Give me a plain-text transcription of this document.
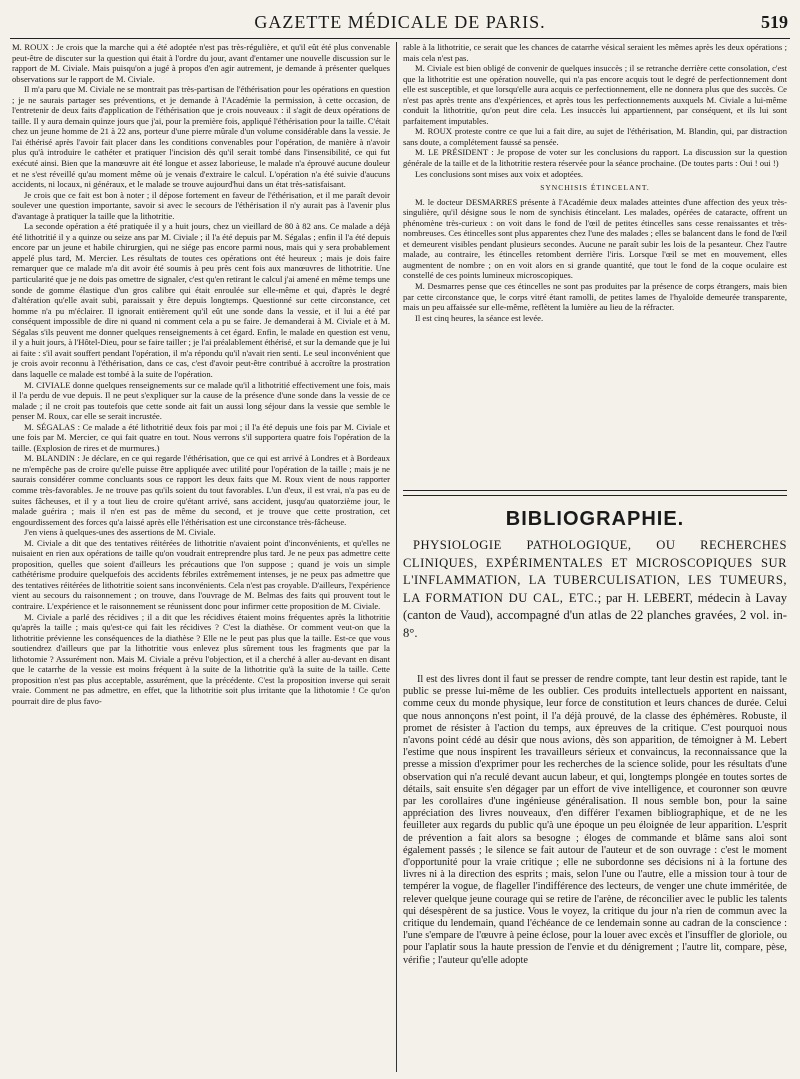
GAZETTE MÉDICALE DE PARIS.	519

M. ROUX : Je crois que la marche qui a été adoptée n'est pas très-régulière, et qu'il eût été plus convenable peut-être de discuter sur la question qui était à l'ordre du jour, avant d'entamer une nouvelle discussion sur le rapport de M. Civiale. Mais puisqu'on a jugé à propos d'en agir autrement, je demande à présenter quelques observations sur le rapport de M. Civiale.

Il m'a paru que M. Civiale ne se montrait pas très-partisan de l'éthérisation pour les opérations en question ; je ne saurais partager ses préventions, et je demande à l'Académie la permission, à cette occasion, de l'entretenir de deux faits d'application de l'éthérisation que je crois nouveaux : il s'agit de deux opérations de taille. Il y aura demain quinze jours que j'ai, pour la première fois, appliqué l'éthérisation pour la taille. C'était chez un jeune homme de 21 à 22 ans, porteur d'une pierre mûrale d'un volume considérable dans la vessie. Je l'ai éthérisé après l'avoir fait placer dans les conditions convenables pour l'opération, de manière à n'avoir plus qu'à introduire le cathéter et pratiquer l'incision dès qu'il serait tombé dans l'insensibilité, ce qui fut exécuté ainsi. Bien que la manœuvre ait été longue et assez laborieuse, le malade n'a éprouvé aucune douleur et ne s'est réveillé qu'au moment même où je venais d'extraire le calcul. L'opération n'a été suivie d'aucuns accidents, ni locaux, ni généraux, et le malade se trouve aujourd'hui dans un état très-satisfaisant.

Je crois que ce fait est bon à noter ; il dépose fortement en faveur de l'éthérisation, et il me paraît devoir soulever une question importante, savoir si avec le secours de l'éthérisation il n'y aurait pas à l'avenir plus d'avantage à pratiquer la taille que la lithotritie.

La seconde opération a été pratiquée il y a huit jours, chez un vieillard de 80 à 82 ans. Ce malade a déjà été lithotritié il y a quinze ou seize ans par M. Civiale ; il l'a été depuis par M. Ségalas ; enfin il l'a été depuis encore par un jeune et habile chirurgien, qui ne siége pas encore parmi nous, mais qui y sera probablement appelé plus tard, M. Mercier. Les résultats de toutes ces opérations ont été heureux ; mais je dois faire remarquer que ce malade m'a dit avoir été soumis à peu près cent fois aux manœuvres de lithotritie. Une particularité que je ne dois pas omettre de signaler, c'est qu'en retirant le calcul j'ai amené en même temps une sonde de gomme élastique d'un gros calibre qui était enroulée sur elle-même et qui, d'après le degré d'altération qu'elle avait subi, paraissait y être depuis longtemps. Questionné sur cette circonstance, cet homme n'a pu m'éclairer. Il ignorait entièrement qu'il eût une sonde dans la vessie, et il lui a été par conséquent impossible de dire ni quand ni comment cela a pu se faire. Je demanderai à M. Civiale et à M. Ségalas s'ils peuvent me donner quelques renseignements à cet égard. Enfin, le malade en question est venu, il y a huit jours, à l'Hôtel-Dieu, pour se faire tailler ; je l'ai préalablement éthérisé, et sur la demande que je lui ai faite : s'il avait souffert pendant l'opération, il m'a répondu qu'il n'avait rien senti. Le seul inconvénient que je crois avoir reconnu à l'éthérisation, dans ce cas, c'est d'avoir peut-être contribué à accroître la prostration dans laquelle ce malade est tombé à la suite de l'opération.

M. CIVIALE donne quelques renseignements sur ce malade qu'il a lithotritié effectivement une fois, mais il l'a perdu de vue depuis. Il ne peut s'expliquer sur la cause de la présence d'une sonde dans la vessie de ce malade ; il ne croit pas toutefois que cette sonde ait fait un aussi long séjour dans la vessie que semble le penser M. Roux, car elle se serait incrustée.

M. SÉGALAS : Ce malade a été lithotritié deux fois par moi ; il l'a été depuis une fois par M. Civiale et une fois par M. Mercier, ce qui fait quatre en tout. Nous verrons s'il supportera quatre fois l'opération de la taille. (Explosion de rires et de murmures.)

M. BLANDIN : Je déclare, en ce qui regarde l'éthérisation, que ce qui est arrivé à Londres et à Bordeaux ne m'empêche pas de croire qu'elle puisse être appliquée avec utilité pour l'opération de la taille ; mais je ne saurais considérer comme concluants sous ce rapport les deux faits que M. Roux vient de nous rapporter comme très-favorables. Je ne trouve pas qu'ils soient du tout favorables. L'un d'eux, il est vrai, n'a pas eu de suites fâcheuses, et il y a tout lieu de croire qu'étant arrivé, sans accident, jusqu'au quatorzième jour, le malade guérira ; mais il n'en est pas de même du second, et je trouve que cette prostration, cet engourdissement des forces qu'a laissé après elle l'éthérisation est une circonstance très-fâcheuse.

J'en viens à quelques-unes des assertions de M. Civiale.

M. Civiale a dit que des tentatives réitérées de lithotritie n'avaient point d'inconvénients, et qu'elles ne nuisaient en rien aux opérations de taille qu'on voudrait entreprendre plus tard. Je ne peux pas admettre cette proposition, quelles que soient d'ailleurs les précautions que l'on suppose ; quand je vois un simple cathétérisme produire quelquefois des accidents fébriles extrêmement intenses, je ne peux pas admettre que des tentatives réitérées de lithotritie soient sans inconvénients. Cela n'est pas croyable. D'ailleurs, l'expérience vient au secours du raisonnement ; on trouve, dans l'ouvrage de M. Belmas des faits qui prouvent tout le contraire. L'expérience et le raisonnement se réunissent donc pour infirmer cette proposition de M. Civiale.

M. Civiale a parlé des récidives ; il a dit que les récidives étaient moins fréquentes après la lithotritie qu'après la taille ; mais qu'est-ce qui fait les récidives ? C'est la diathèse. Or comment veut-on que la lithotritie prévienne les conséquences de la diathèse ? Elle ne le peut pas plus que la taille. Est-ce que vous soutiendrez d'ailleurs que par la lithotritie vous enlevez plus sûrement tous les fragments que par la lithotomie ? Assurément non. Mais M. Civiale a prévu l'objection, et il a cherché à aller au-devant en disant que le catarrhe de la vessie est moins fréquent à la suite de la lithotritie qu'à la suite de la taille. Cette proposition n'est pas plus acceptable, assurément, que la précédente. C'est la proposition inverse qui serait vraie. Comment ne pas admettre, en effet, que la lithotritie soit plus irritante que la lithotomie ! Ce qu'on pourrait dire de plus favo-

rable à la lithotritie, ce serait que les chances de catarrhe vésical seraient les mêmes après les deux opérations ; mais cela n'est pas.

M. Civiale est bien obligé de convenir de quelques insuccès ; il se retranche derrière cette consolation, c'est que la lithotritie est une opération nouvelle, qui n'a pas encore acquis tout le degré de perfectionnement dont elle est susceptible, et que lorsqu'elle aura acquis ce perfectionnement, elle ne donnera plus que des succès. Ce n'est pas après trente ans d'expériences, et après tous les perfectionnements auxquels M. Civiale a lui-même conduit la lithotritie, qu'on peut dire cela. Les insuccès lui appartiennent, par conséquent, et ils lui sont parfaitement imputables.

M. ROUX proteste contre ce que lui a fait dire, au sujet de l'éthérisation, M. Blandin, qui, par distraction sans doute, a complétement faussé sa pensée.

M. LE PRÉSIDENT : Je propose de voter sur les conclusions du rapport. La discussion sur la question générale de la taille et de la lithotritie restera réservée pour la séance prochaine. (De toutes parts : Oui ! oui !)

Les conclusions sont mises aux voix et adoptées.

SYNCHISIS ÉTINCELANT.

M. le docteur DESMARRES présente à l'Académie deux malades atteintes d'une affection des yeux très-singulière, qu'il désigne sous le nom de synchisis étincelant. Les malades, opérées de cataracte, offrent un phénomène très-curieux : on voit dans le fond de l'œil de petites étincelles sans cesse renaissantes et très-nombreuses. Ces étincelles sont plus apparentes chez l'une des malades ; elles se balancent dans le fond de l'œil et demeurent visibles pendant plusieurs secondes. Aucune ne paraît subir les lois de la pesanteur. Chez l'autre malade, au contraire, les étincelles retombent derrière l'iris. Lorsque l'œil se met en mouvement, elles augmentent de nombre ; on en voit alors en si grande quantité, que tout le fond de la coque oculaire est constellé de ces points lumineux microscopiques.

M. Desmarres pense que ces étincelles ne sont pas produites par la présence de corps étrangers, mais bien par cette circonstance que, le corps vitré étant ramolli, de petites lames de l'hyaloïde demeurée transparente, mais un peu affaissée sur elle-même, reflètent la lumière au lieu de la réfracter.

Il est cinq heures, la séance est levée.

BIBLIOGRAPHIE.
PHYSIOLOGIE PATHOLOGIQUE, OU RECHERCHES CLINIQUES, EXPÉRIMENTALES ET MICROSCOPIQUES SUR L'INFLAMMATION, LA TUBERCULISATION, LES TUMEURS, LA FORMATION DU CAL, ETC.; par H. LEBERT, médecin à Lavay (canton de Vaud), accompagné d'un atlas de 22 planches gravées, 2 vol. in-8°.

Il est des livres dont il faut se presser de rendre compte, tant leur destin est rapide, tant le public se presse lui-même de les oublier. Ces produits intellectuels apportent en naissant, comme ceux du monde physique, leur force de constitution et leurs chances de durée. Celui que nous annonçons n'est point, il l'a déjà prouvé, de la classe des éphémères. Robuste, il promet de résister à l'action du temps, aux épreuves de la critique. C'est pourquoi nous n'avons point cédé au désir que nous avions, dès son apparition, de témoigner à M. Lebert l'estime que nous inspirent les travailleurs sérieux et convaincus, la reconnaissance que la presse a mission d'exprimer pour les recherches de la science solide, pour les résultats d'une observation qui n'a reculé devant aucun labeur, et qui, longtemps plongée en toutes sortes de détails, sait ensuite s'en dégager par un effort de vive intelligence, et couronner son œuvre par les corollaires d'une ingénieuse généralisation. Il nous semble bon, pour la saine appréciation des livres nouveaux, d'en différer l'examen bibliographique, et de ne les feuilleter aux regards du public qu'à une époque un peu éloignée de leur apparition. L'esprit de prévention a fait alors sa besogne ; éloges de commande et blâme sans aloi sont également passés ; le silence se fait autour de l'auteur et de son ouvrage : c'est le moment d'opportunité pour la vraie critique ; elle ne subordonne ses décisions ni à la fortune des livres ni à la direction des esprits ; mais, selon l'une ou l'autre, elle a mission tour à tour de tempérer la vogue, de flageller l'indifférence des lecteurs, de venger une chute imméritée, de relever quelque jeune courage qui se retire de l'arène, de réconcilier avec le public les talents qui désespèrent de sa justice. Vous le voyez, la critique du jour n'a rien de commun avec la critique du lendemain, quand l'échéance de ce lendemain sonne au cadran de la conscience : l'une s'empare de l'œuvre à peine éclose, pour la louer avec excès et l'insuffler de gloriole, ou pour l'aplatir sous la haute pression de l'envie et du dénigrement ; l'autre lit, compare, pèse, vérifie ; l'auteur qu'elle adopte
